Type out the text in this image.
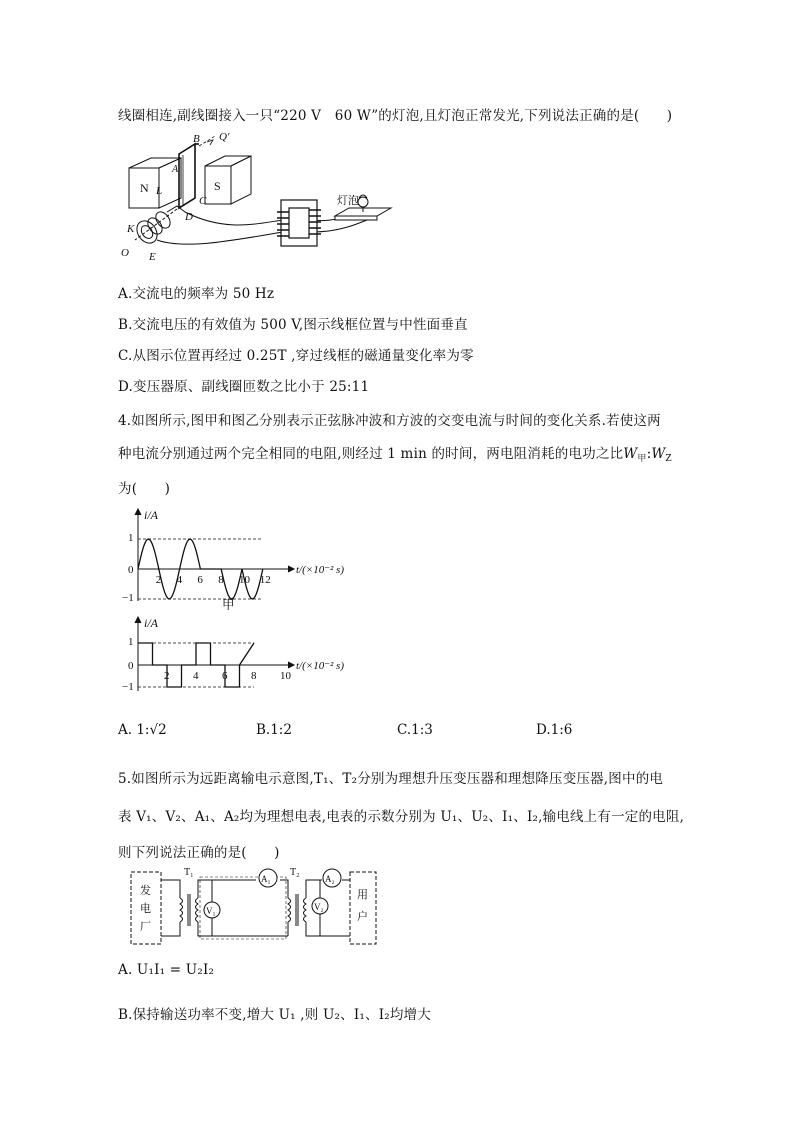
线圈相连,副线圈接入一只“220 V　60 W”的灯泡,且灯泡正常发光,下列说法正确的是(　　)
B Q′
A
N L
C
S
D
K
O E
灯泡
A.交流电的频率为 50 Hz
B.交流电压的有效值为 500 V,图示线框位置与中性面垂直
C.从图示位置再经过 0.25T ,穿过线框的磁通量变化率为零
D.变压器原、副线圈匝数之比小于 25:11
4.如图所示,图甲和图乙分别表示正弦脉冲波和方波的交变电流与时间的变化关系.若使这两
种电流分别通过两个完全相同的电阻,则经过 1 min 的时间，两电阻消耗的电功之比$W_甲:W_Z$
为(　　)
2 4 6 8 10 12
i/A
1
0
−1
t/(×10⁻² s)
甲
2 4 6 8 10
i/A
1
0
−1
t/(×10⁻² s)
A. 1:√2	B.1:2	C.1:3	D.1:6
5.如图所示为远距离输电示意图,T₁、T₂分别为理想升压变压器和理想降压变压器,图中的电
表 V₁、V₂、A₁、A₂均为理想电表,电表的示数分别为 U₁、U₂、I₁、I₂,输电线上有一定的电阻,
则下列说法正确的是(　　)
发
电
厂
用
户
A₁	A₂
V₁	V₂
T₁	T₂
A. U₁I₁ = U₂I₂
B.保持输送功率不变,增大 U₁ ,则 U₂、I₁、I₂均增大
